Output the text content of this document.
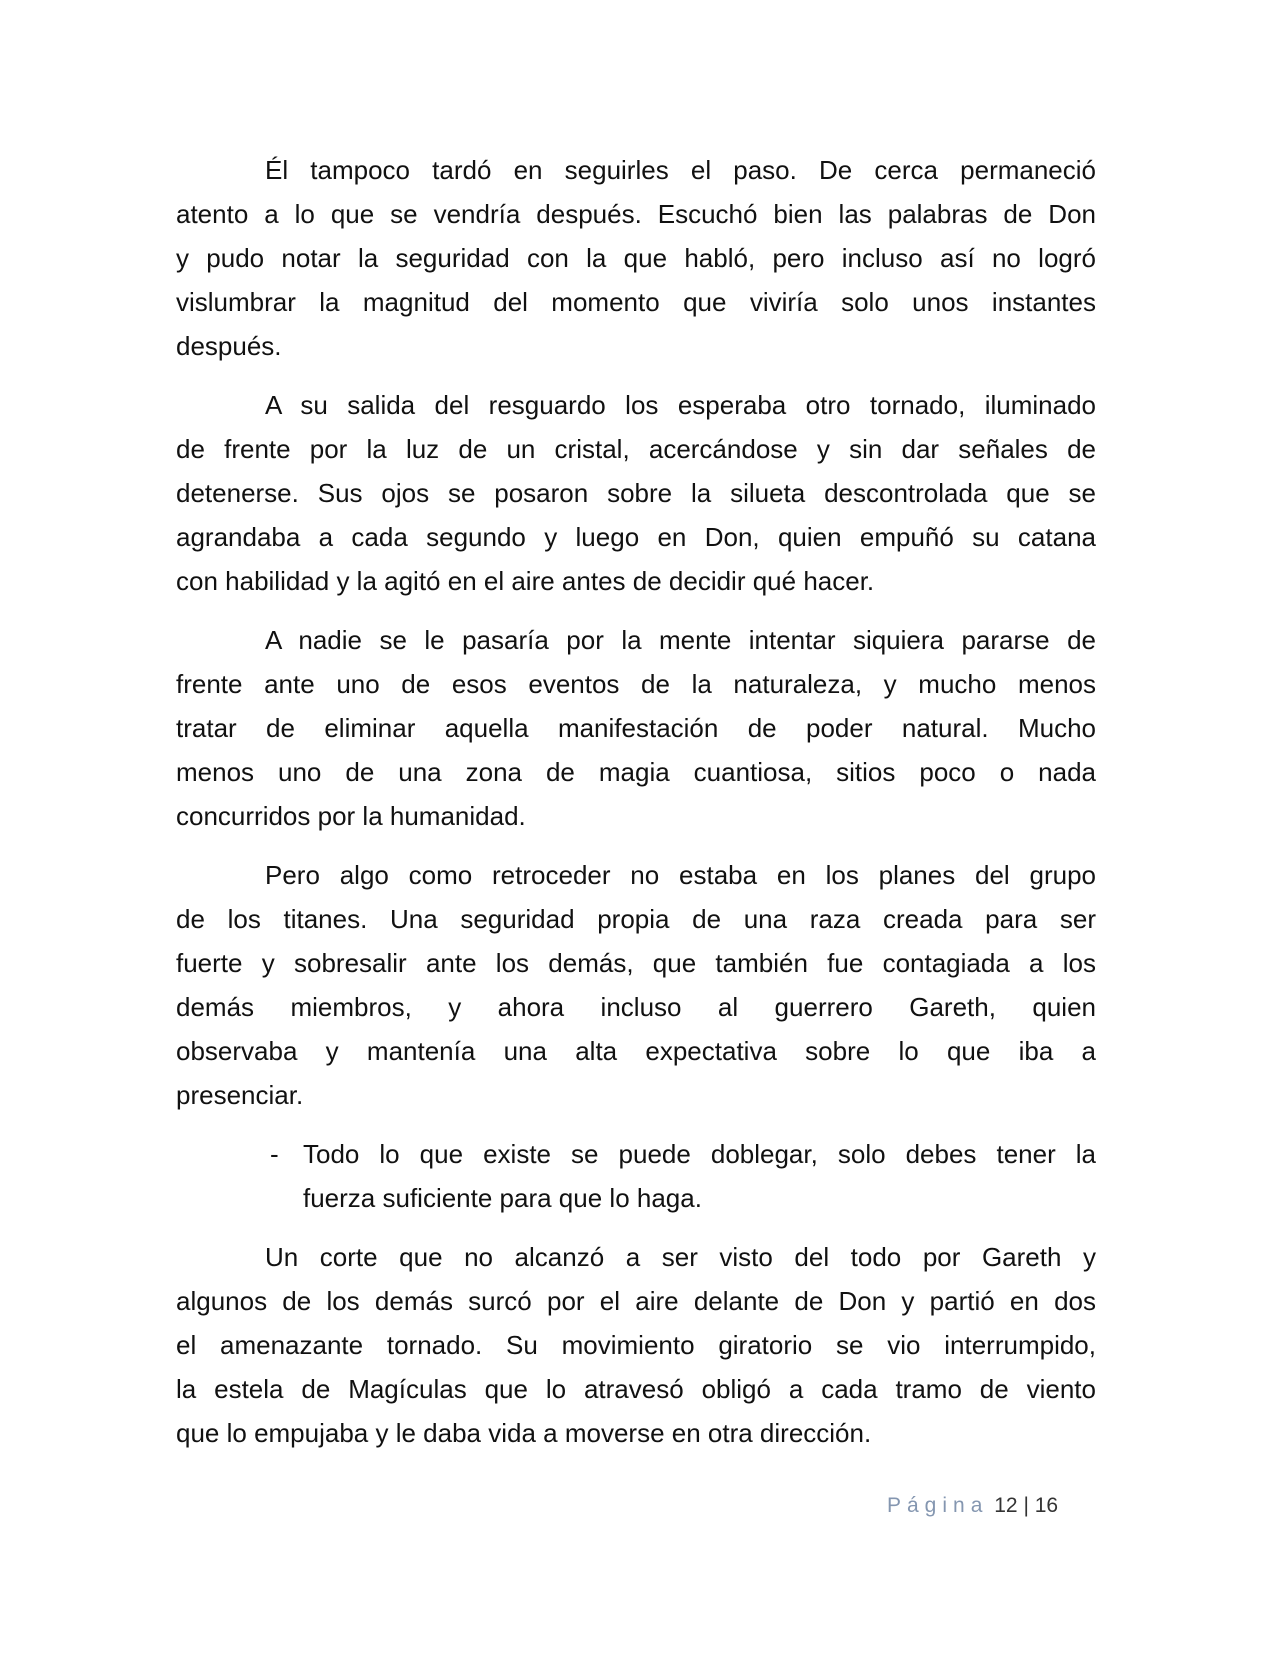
Él tampoco tardó en seguirles el paso. De cerca permaneció
atento a lo que se vendría después. Escuchó bien las palabras de Don
y pudo notar la seguridad con la que habló, pero incluso así no logró
vislumbrar la magnitud del momento que viviría solo unos instantes
después.
A su salida del resguardo los esperaba otro tornado, iluminado
de frente por la luz de un cristal, acercándose y sin dar señales de
detenerse. Sus ojos se posaron sobre la silueta descontrolada que se
agrandaba a cada segundo y luego en Don, quien empuñó su catana
con habilidad y la agitó en el aire antes de decidir qué hacer.
A nadie se le pasaría por la mente intentar siquiera pararse de
frente ante uno de esos eventos de la naturaleza, y mucho menos
tratar de eliminar aquella manifestación de poder natural. Mucho
menos uno de una zona de magia cuantiosa, sitios poco o nada
concurridos por la humanidad.
Pero algo como retroceder no estaba en los planes del grupo
de los titanes. Una seguridad propia de una raza creada para ser
fuerte y sobresalir ante los demás, que también fue contagiada a los
demás miembros, y ahora incluso al guerrero Gareth, quien
observaba y mantenía una alta expectativa sobre lo que iba a
presenciar.
- Todo lo que existe se puede doblegar, solo debes tener la
fuerza suficiente para que lo haga.
Un corte que no alcanzó a ser visto del todo por Gareth y
algunos de los demás surcó por el aire delante de Don y partió en dos
el amenazante tornado. Su movimiento giratorio se vio interrumpido,
la estela de Magículas que lo atravesó obligó a cada tramo de viento
que lo empujaba y le daba vida a moverse en otra dirección.
Página 12 | 16
